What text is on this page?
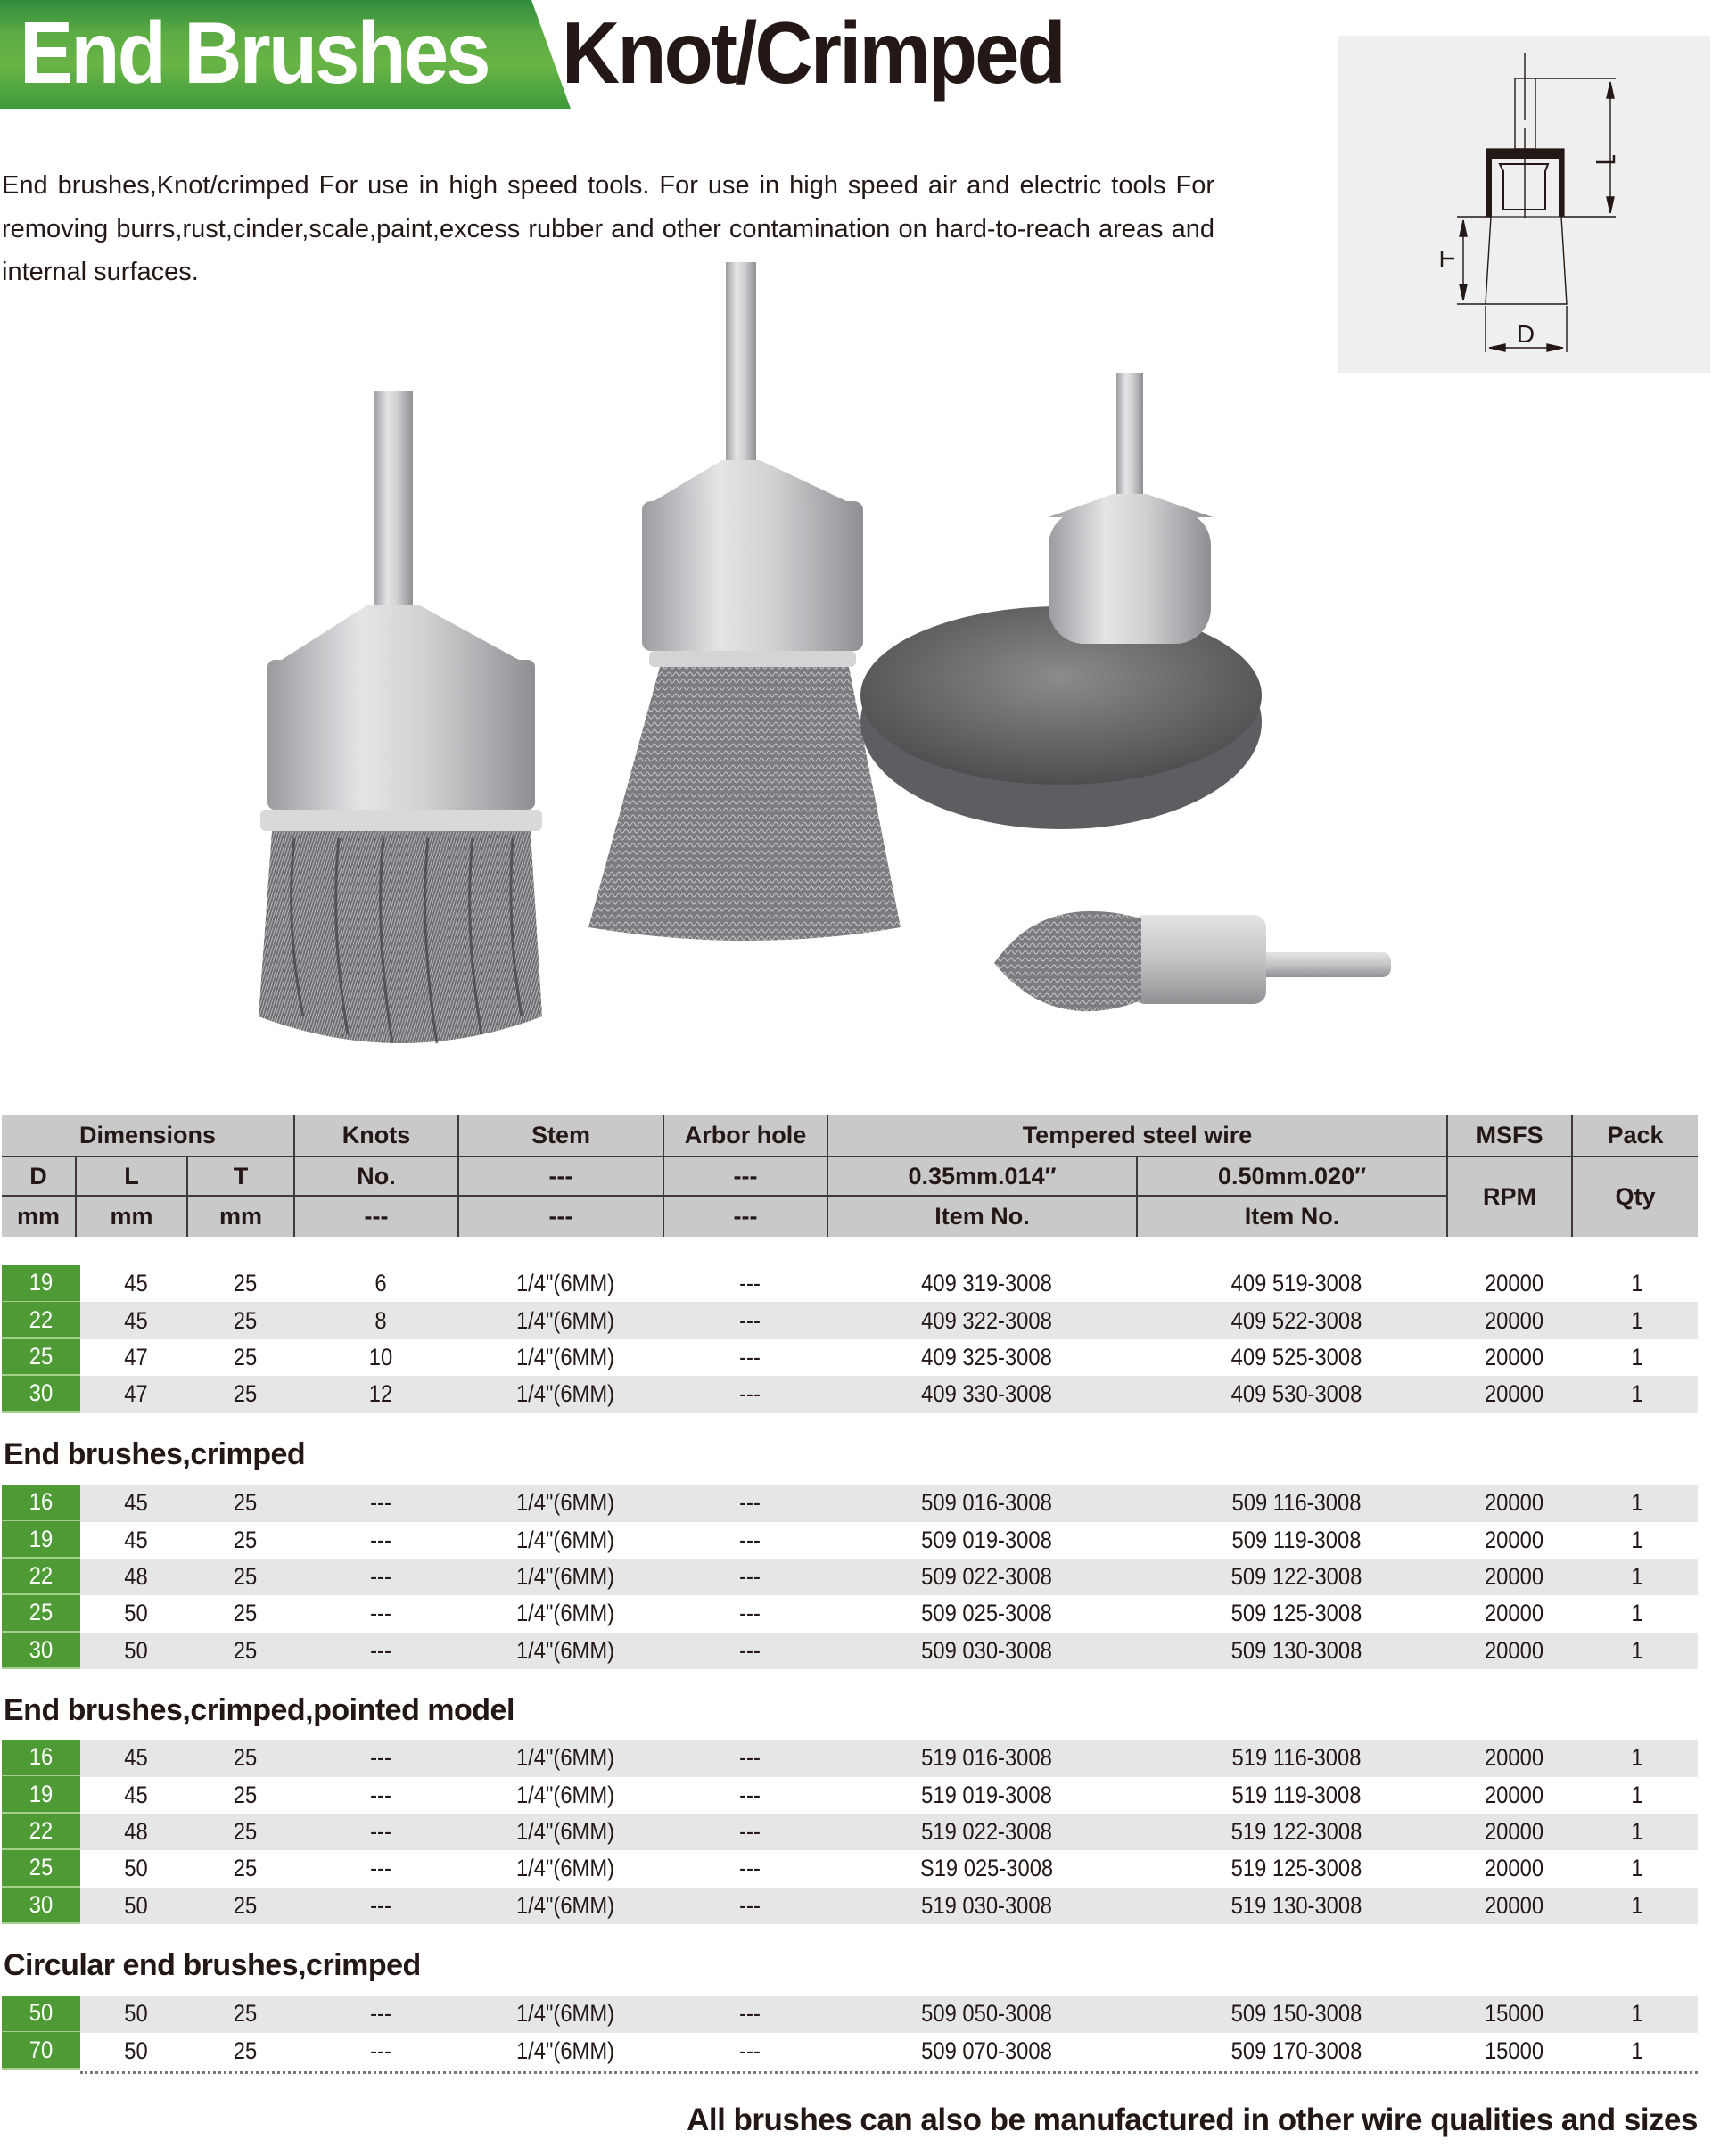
End Brushes Knot/Crimped

End brushes,Knot/crimped For use in high speed tools. For use in high speed air and electric tools For removing burrs,rust,cinder,scale,paint,excess rubber and other contamination on hard-to-reach areas and internal surfaces.

D
Dimensions	Knots	Stem	Arbor hole	Tempered steel wire	MSFS	Pack
D	L	T	No.	---	---	0.35mm.014″	0.50mm.020″
RPM	Qty
mm	mm	mm	---	---	---	Item No.	Item No.
19	45	25	6	1/4"(6MM)	---	409 319-3008	409 519-3008	20000	1
22	45	25	8	1/4"(6MM)	---	409 322-3008	409 522-3008	20000	1
25	47	25	10	1/4"(6MM)	---	409 325-3008	409 525-3008	20000	1
30	47	25	12	1/4"(6MM)	---	409 330-3008	409 530-3008	20000	1
End brushes,crimped
16	45	25	---	1/4"(6MM)	---	509 016-3008	509 116-3008	20000	1
19	45	25	---	1/4"(6MM)	---	509 019-3008	509 119-3008	20000	1
22	48	25	---	1/4"(6MM)	---	509 022-3008	509 122-3008	20000	1
25	50	25	---	1/4"(6MM)	---	509 025-3008	509 125-3008	20000	1
30	50	25	---	1/4"(6MM)	---	509 030-3008	509 130-3008	20000	1
End brushes,crimped,pointed model
16	45	25	---	1/4"(6MM)	---	519 016-3008	519 116-3008	20000	1
19	45	25	---	1/4"(6MM)	---	519 019-3008	519 119-3008	20000	1
22	48	25	---	1/4"(6MM)	---	519 022-3008	519 122-3008	20000	1
25	50	25	---	1/4"(6MM)	---	S19 025-3008	519 125-3008	20000	1
30	50	25	---	1/4"(6MM)	---	519 030-3008	519 130-3008	20000	1
Circular end brushes,crimped
50	50	25	---	1/4"(6MM)	---	509 050-3008	509 150-3008	15000	1
70	50	25	---	1/4"(6MM)	---	509 070-3008	509 170-3008	15000	1
All brushes can also be manufactured in other wire qualities and sizes
